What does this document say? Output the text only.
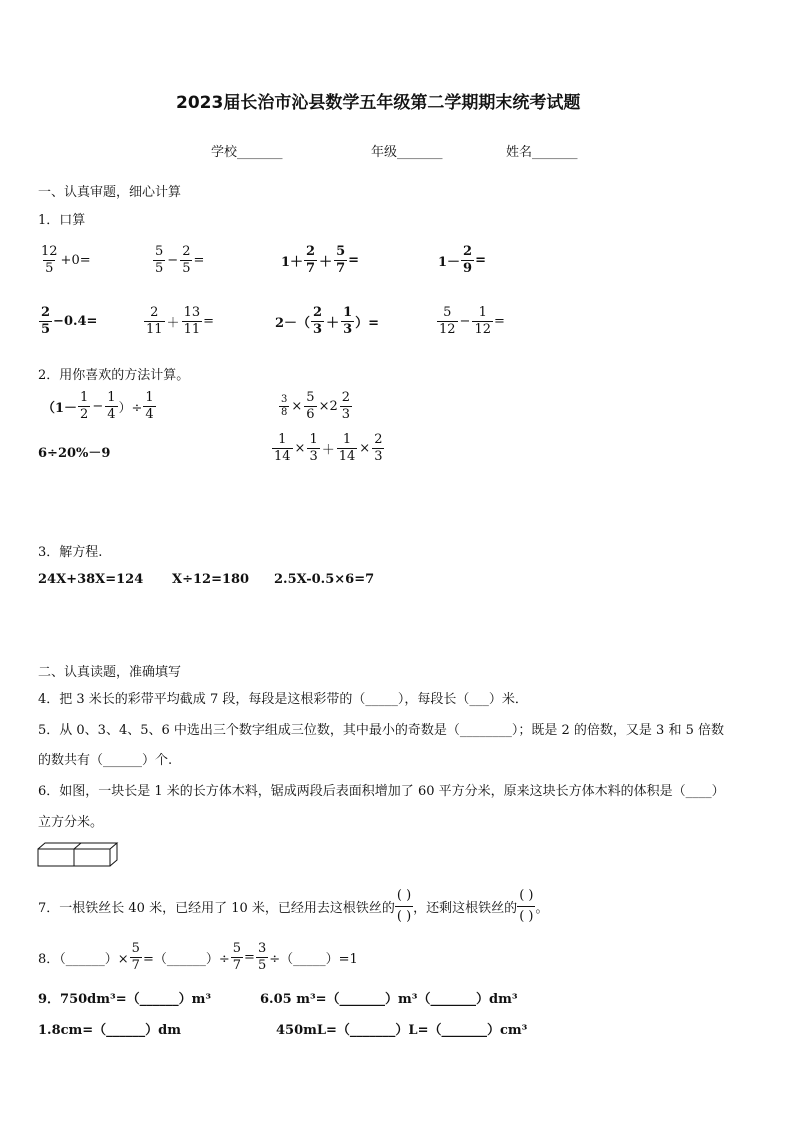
2023届长治市沁县数学五年级第二学期期末统考试题
学校_______	年级_______	姓名_______
一、认真审题，细心计算
1．口算
$\frac{12}{5} +0=$	$\frac{5}{5} - \frac{2}{5}$ =	$1+ \frac{2}{7} + \frac{5}{7}$ =	$1- \frac{2}{9}$ =
$\frac{2}{5} -0.4=$	$\frac{2}{11} + \frac{13}{11}$ =	$2-( \frac{2}{3} + \frac{1}{3}$ ）=	$\frac{5}{12} - \frac{1}{12}$ =
2．用你喜欢的方法计算。
（$1- \frac{1}{2} - \frac{1}{4}$ ）÷ $\frac{1}{4}$	$\frac{3}{8} \times \frac{5}{6} \times 2 \frac{2}{3}$
6÷20%－9	$\frac{1}{14} \times \frac{1}{3} + \frac{1}{14} \times \frac{2}{3}$
3．解方程.
24X+38X=124 X÷12=180 2.5X-0.5×6=7
二、认真读题，准确填写
4．把 3 米长的彩带平均截成 7 段，每段是这根彩带的（_____），每段长（___）米．
5．从 0、3、4、5、6 中选出三个数字组成三位数，其中最小的奇数是（________）；既是 2 的倍数，又是 3 和 5 倍数
的数共有（______）个.
6．如图，一块长是 1 米的长方体木料，锯成两段后表面积增加了 60 平方分米，原来这块长方体木料的体积是（____）
立方分米。
7．一根铁丝长 40 米，已经用了 10 米，已经用去这根铁丝的
( )
( )
，还剩这根铁丝的
( )
( )
。
8．（______）× $\frac{5}{7}$ =（______）÷ $\frac{5}{7} = \frac{3}{5}$ ÷（_____）=1
9．750dm³=（______）m³	6.05 m³=（_______）m³（_______）dm³
1.8cm=（______）dm	450mL=（_______）L=（_______）cm³
